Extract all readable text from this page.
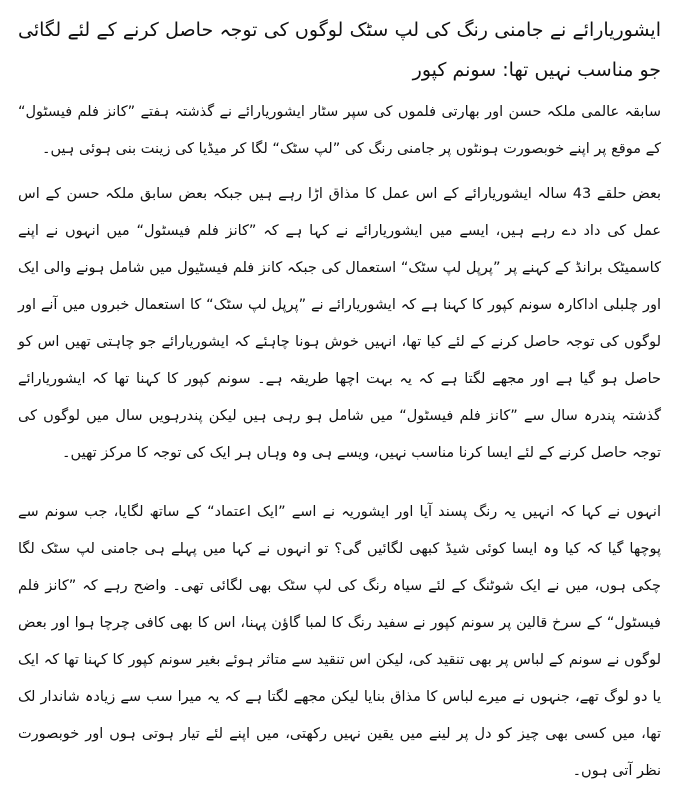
ایشوریارائے نے جامنی رنگ کی لپ سٹک لوگوں کی توجہ حاصل کرنے کے لئے لگائی جو مناسب نہیں تھا: سونم کپور

سابقہ عالمی ملکہ حسن اور بھارتی فلموں کی سپر سٹار ایشوریارائے نے گذشتہ ہفتے ”کانز فلم فیسٹول“ کے موقع پر اپنے خوبصورت ہونٹوں پر جامنی رنگ کی ”لپ سٹک“ لگا کر میڈیا کی زینت بنی ہوئی ہیں۔

بعض حلقے 43 سالہ ایشوریارائے کے اس عمل کا مذاق اڑا رہے ہیں جبکہ بعض سابق ملکہ حسن کے اس عمل کی داد دے رہے ہیں، ایسے میں ایشوریارائے نے کہا ہے کہ ”کانز فلم فیسٹول“ میں انہوں نے اپنے کاسمیٹک برانڈ کے کہنے پر ”پرپل لپ سٹک“ استعمال کی جبکہ کانز فلم فیسٹیول میں شامل ہونے والی ایک اور چلبلی اداکارہ سونم کپور کا کہنا ہے کہ ایشوریارائے نے ”پرپل لپ سٹک“ کا استعمال خبروں میں آنے اور لوگوں کی توجہ حاصل کرنے کے لئے کیا تھا، انہیں خوش ہونا چاہئے کہ ایشوریارائے جو چاہتی تھیں اس کو حاصل ہو گیا ہے اور مجھے لگتا ہے کہ یہ بہت اچھا طریقہ ہے۔ سونم کپور کا کہنا تھا کہ ایشوریارائے گذشتہ پندرہ سال سے ”کانز فلم فیسٹول“ میں شامل ہو رہی ہیں لیکن پندرہویں سال میں لوگوں کی توجہ حاصل کرنے کے لئے ایسا کرنا مناسب نہیں، ویسے ہی وہ وہاں ہر ایک کی توجہ کا مرکز تھیں۔

انہوں نے کہا کہ انہیں یہ رنگ پسند آیا اور ایشوریہ نے اسے ”ایک اعتماد“ کے ساتھ لگایا، جب سونم سے پوچھا گیا کہ کیا وہ ایسا کوئی شیڈ کبھی لگائیں گی؟ تو انہوں نے کہا میں پہلے ہی جامنی لپ سٹک لگا چکی ہوں، میں نے ایک شوٹنگ کے لئے سیاہ رنگ کی لپ سٹک بھی لگائی تھی۔ واضح رہے کہ ”کانز فلم فیسٹول“ کے سرخ قالین پر سونم کپور نے سفید رنگ کا لمبا گاؤن پہنا، اس کا بھی کافی چرچا ہوا اور بعض لوگوں نے سونم کے لباس پر بھی تنقید کی، لیکن اس تنقید سے متاثر ہوئے بغیر سونم کپور کا کہنا تھا کہ ایک یا دو لوگ تھے، جنہوں نے میرے لباس کا مذاق بنایا لیکن مجھے لگتا ہے کہ یہ میرا سب سے زیادہ شاندار لک تھا، میں کسی بھی چیز کو دل پر لینے میں یقین نہیں رکھتی، میں اپنے لئے تیار ہوتی ہوں اور خوبصورت نظر آتی ہوں۔
